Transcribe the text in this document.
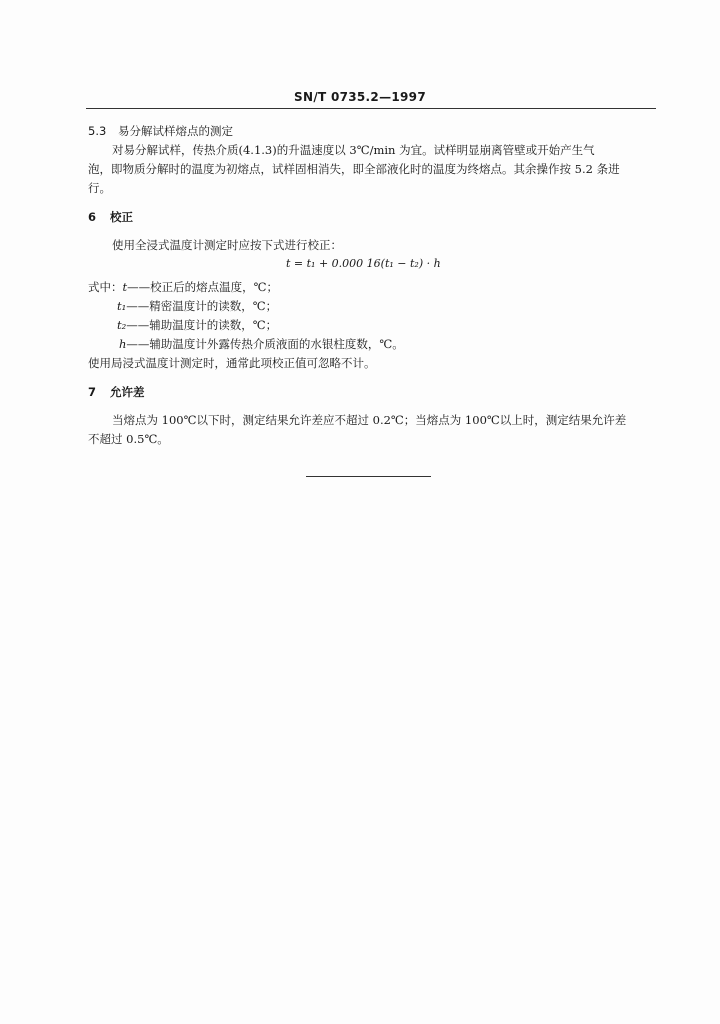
SN/T 0735.2—1997
5.3 易分解试样熔点的测定
对易分解试样，传热介质(4.1.3)的升温速度以 3℃/min 为宜。试样明显崩离管壁或开始产生气
泡，即物质分解时的温度为初熔点，试样固相消失，即全部液化时的温度为终熔点。其余操作按 5.2 条进
行。
6 校正
使用全浸式温度计测定时应按下式进行校正：
t = t₁ + 0.000 16(t₁ − t₂) · h
式中：t——校正后的熔点温度，℃；
t₁——精密温度计的读数，℃；
t₂——辅助温度计的读数，℃；
h——辅助温度计外露传热介质液面的水银柱度数，℃。
使用局浸式温度计测定时，通常此项校正值可忽略不计。
7 允许差
当熔点为 100℃以下时，测定结果允许差应不超过 0.2℃；当熔点为 100℃以上时，测定结果允许差
不超过 0.5℃。
